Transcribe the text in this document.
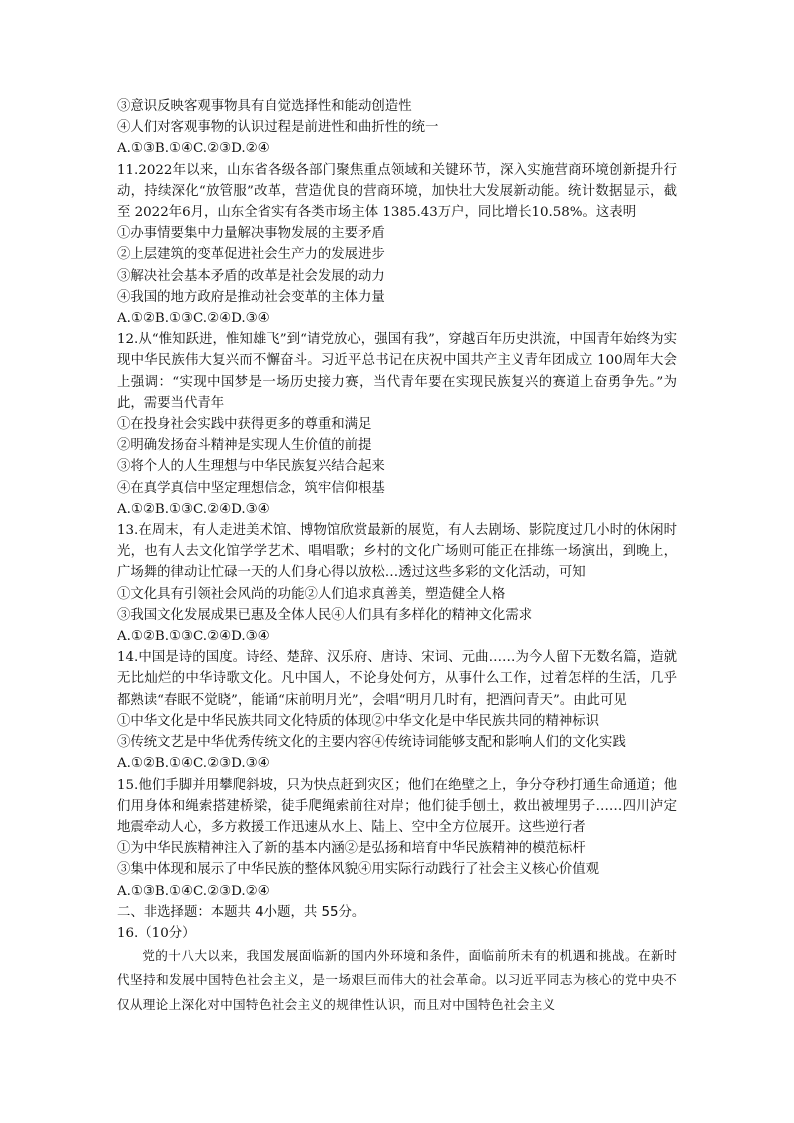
③意识反映客观事物具有自觉选择性和能动创造性
④人们对客观事物的认识过程是前进性和曲折性的统一
A.①③B.①④C.②③D.②④
11.2022年以来，山东省各级各部门聚焦重点领域和关键环节，深入实施营商环境创新提升行动，持续深化“放管服”改革，营造优良的营商环境，加快壮大发展新动能。统计数据显示，截至 2022年6月，山东全省实有各类市场主体 1385.43万户，同比增长10.58%。这表明
①办事情要集中力量解决事物发展的主要矛盾
②上层建筑的变革促进社会生产力的发展进步
③解决社会基本矛盾的改革是社会发展的动力
④我国的地方政府是推动社会变革的主体力量
A.①②B.①③C.②④D.③④
12.从“惟知跃进，惟知雄飞”到“请党放心，强国有我”，穿越百年历史洪流，中国青年始终为实现中华民族伟大复兴而不懈奋斗。习近平总书记在庆祝中国共产主义青年团成立 100周年大会上强调：“实现中国梦是一场历史接力赛，当代青年要在实现民族复兴的赛道上奋勇争先。”为此，需要当代青年
①在投身社会实践中获得更多的尊重和满足
②明确发扬奋斗精神是实现人生价值的前提
③将个人的人生理想与中华民族复兴结合起来
④在真学真信中坚定理想信念，筑牢信仰根基
A.①②B.①③C.②④D.③④
13.在周末，有人走进美术馆、博物馆欣赏最新的展览，有人去剧场、影院度过几小时的休闲时光，也有人去文化馆学学艺术、唱唱歌；乡村的文化广场则可能正在排练一场演出，到晚上，广场舞的律动让忙碌一天的人们身心得以放松…透过这些多彩的文化活动，可知
①文化具有引领社会风尚的功能②人们追求真善美，塑造健全人格
③我国文化发展成果已惠及全体人民④人们具有多样化的精神文化需求
A.①②B.①③C.②④D.③④
14.中国是诗的国度。诗经、楚辞、汉乐府、唐诗、宋词、元曲……为今人留下无数名篇，造就无比灿烂的中华诗歌文化。凡中国人，不论身处何方，从事什么工作，过着怎样的生活，几乎都熟读“春眠不觉晓”，能诵“床前明月光”，会唱“明月几时有，把酒问青天”。由此可见
①中华文化是中华民族共同文化特质的体现②中华文化是中华民族共同的精神标识
③传统文艺是中华优秀传统文化的主要内容④传统诗词能够支配和影响人们的文化实践
A.①②B.①④C.②③D.③④
15.他们手脚并用攀爬斜坡，只为快点赶到灾区；他们在绝壁之上，争分夺秒打通生命通道；他们用身体和绳索搭建桥梁，徒手爬绳索前往对岸；他们徒手刨土，救出被埋男子……四川泸定地震牵动人心，多方救援工作迅速从水上、陆上、空中全方位展开。这些逆行者
①为中华民族精神注入了新的基本内涵②是弘扬和培育中华民族精神的模范标杆
③集中体现和展示了中华民族的整体风貌④用实际行动践行了社会主义核心价值观
A.①③B.①④C.②③D.②④
二、非选择题：本题共 4小题，共 55分。
16.（10分）
党的十八大以来，我国发展面临新的国内外环境和条件，面临前所未有的机遇和挑战。在新时代坚持和发展中国特色社会主义，是一场艰巨而伟大的社会革命。以习近平同志为核心的党中央不仅从理论上深化对中国特色社会主义的规律性认识，而且对中国特色社会主义
